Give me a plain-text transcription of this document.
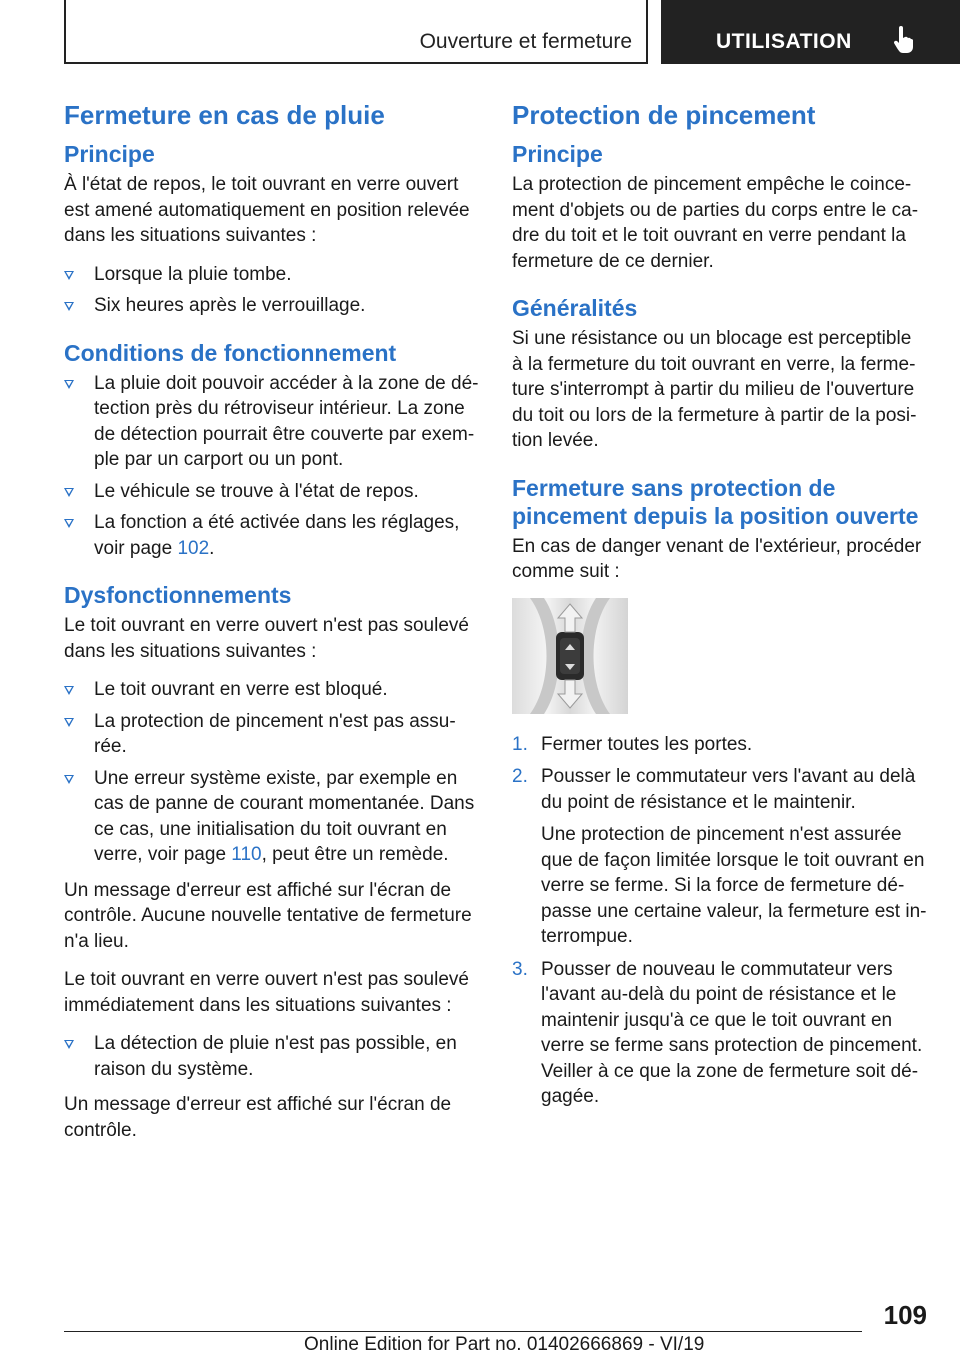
Ouverture et fermeture	UTILISATION
Fermeture en cas de pluie
Principe
À l'état de repos, le toit ouvrant en verre ouvert est amené automatiquement en position relevée dans les situations suivantes :
Lorsque la pluie tombe.
Six heures après le verrouillage.
Conditions de fonctionnement
La pluie doit pouvoir accéder à la zone de détection près du rétroviseur intérieur. La zone de détection pourrait être couverte par exemple par un carport ou un pont.
Le véhicule se trouve à l'état de repos.
La fonction a été activée dans les réglages, voir page 102.
Dysfonctionnements
Le toit ouvrant en verre ouvert n'est pas soulevé dans les situations suivantes :
Le toit ouvrant en verre est bloqué.
La protection de pincement n'est pas assurée.
Une erreur système existe, par exemple en cas de panne de courant momentanée. Dans ce cas, une initialisation du toit ouvrant en verre, voir page 110, peut être un remède.
Un message d'erreur est affiché sur l'écran de contrôle. Aucune nouvelle tentative de fermeture n'a lieu.
Le toit ouvrant en verre ouvert n'est pas soulevé immédiatement dans les situations suivantes :
La détection de pluie n'est pas possible, en raison du système.
Un message d'erreur est affiché sur l'écran de contrôle.
Protection de pincement
Principe
La protection de pincement empêche le coincement d'objets ou de parties du corps entre le cadre du toit et le toit ouvrant en verre pendant la fermeture de ce dernier.
Généralités
Si une résistance ou un blocage est perceptible à la fermeture du toit ouvrant en verre, la fermeture s'interrompt à partir du milieu de l'ouverture du toit ou lors de la fermeture à partir de la position levée.
Fermeture sans protection de pincement depuis la position ouverte
En cas de danger venant de l'extérieur, procéder comme suit :
1. Fermer toutes les portes.
2. Pousser le commutateur vers l'avant au delà du point de résistance et le maintenir.
Une protection de pincement n'est assurée que de façon limitée lorsque le toit ouvrant en verre se ferme. Si la force de fermeture dépasse une certaine valeur, la fermeture est interrompue.
3. Pousser de nouveau le commutateur vers l'avant au-delà du point de résistance et le maintenir jusqu'à ce que le toit ouvrant en verre se ferme sans protection de pincement. Veiller à ce que la zone de fermeture soit dégagée.
109
Online Edition for Part no. 01402666869 - VI/19
